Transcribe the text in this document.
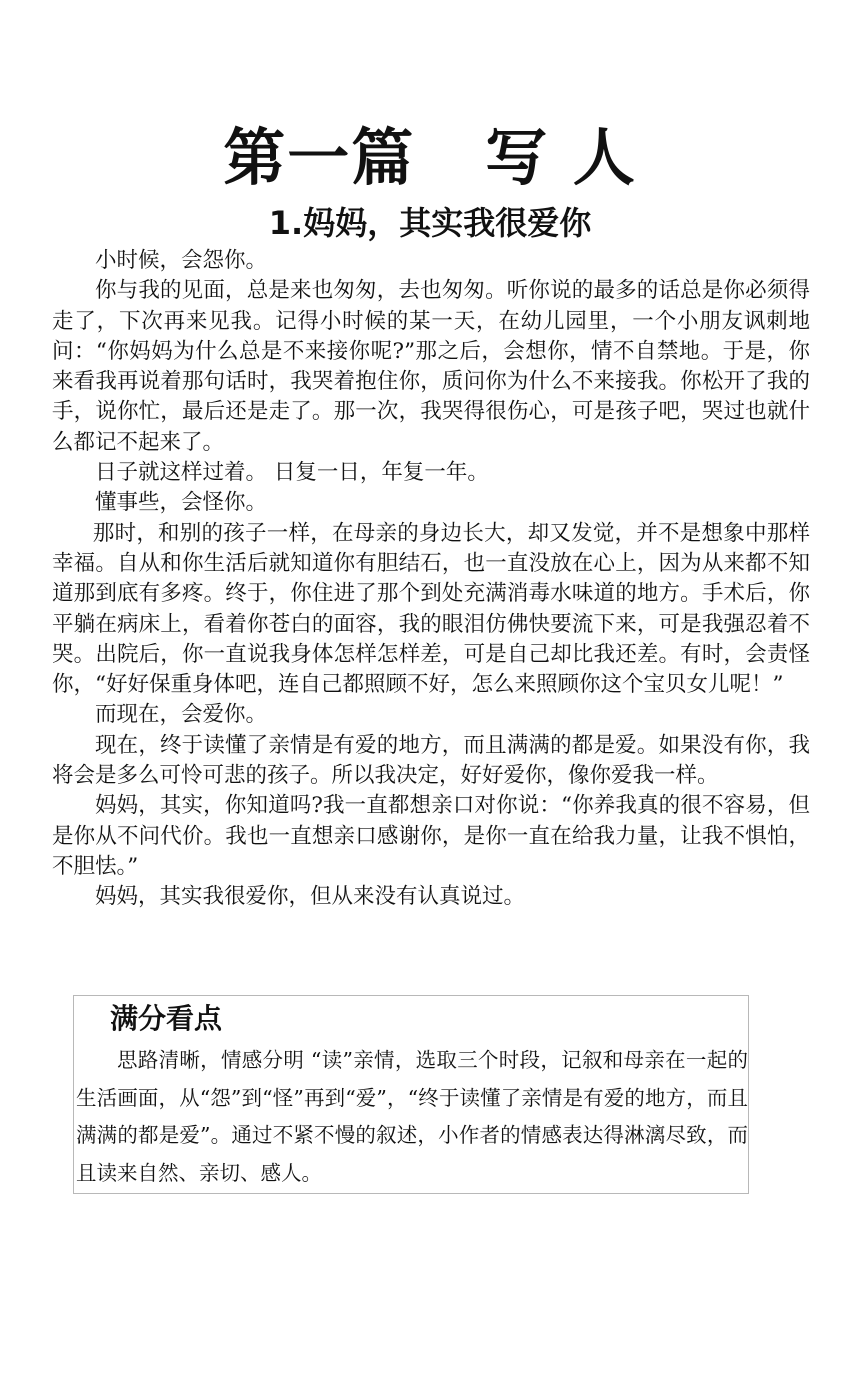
第一篇 写 人
1.妈妈，其实我很爱你

小时候，会怨你。

你与我的见面，总是来也匆匆，去也匆匆。听你说的最多的话总是你必须得走了，下次再来见我。记得小时候的某一天，在幼儿园里，一个小朋友讽刺地问：“你妈妈为什么总是不来接你呢?”那之后，会想你，情不自禁地。于是，你来看我再说着那句话时，我哭着抱住你，质问你为什么不来接我。你松开了我的手，说你忙，最后还是走了。那一次，我哭得很伤心，可是孩子吧，哭过也就什么都记不起来了。

日子就这样过着。 日复一日，年复一年。

懂事些，会怪你。

那时，和别的孩子一样，在母亲的身边长大，却又发觉，并不是想象中那样幸福。自从和你生活后就知道你有胆结石，也一直没放在心上，因为从来都不知道那到底有多疼。终于，你住进了那个到处充满消毒水味道的地方。手术后，你平躺在病床上，看着你苍白的面容，我的眼泪仿佛快要流下来，可是我强忍着不哭。出院后，你一直说我身体怎样怎样差，可是自己却比我还差。有时，会责怪你，“好好保重身体吧，连自己都照顾不好，怎么来照顾你这个宝贝女儿呢！”

而现在，会爱你。

现在，终于读懂了亲情是有爱的地方，而且满满的都是爱。如果没有你，我将会是多么可怜可悲的孩子。所以我决定，好好爱你，像你爱我一样。

妈妈，其实，你知道吗?我一直都想亲口对你说：“你养我真的很不容易，但是你从不问代价。我也一直想亲口感谢你，是你一直在给我力量，让我不惧怕，不胆怯。”

妈妈，其实我很爱你，但从来没有认真说过。

满分看点

思路清晰，情感分明 “读”亲情，选取三个时段，记叙和母亲在一起的生活画面，从“怨”到“怪”再到“爱”，“终于读懂了亲情是有爱的地方，而且满满的都是爱”。通过不紧不慢的叙述，小作者的情感表达得淋漓尽致，而且读来自然、亲切、感人。
